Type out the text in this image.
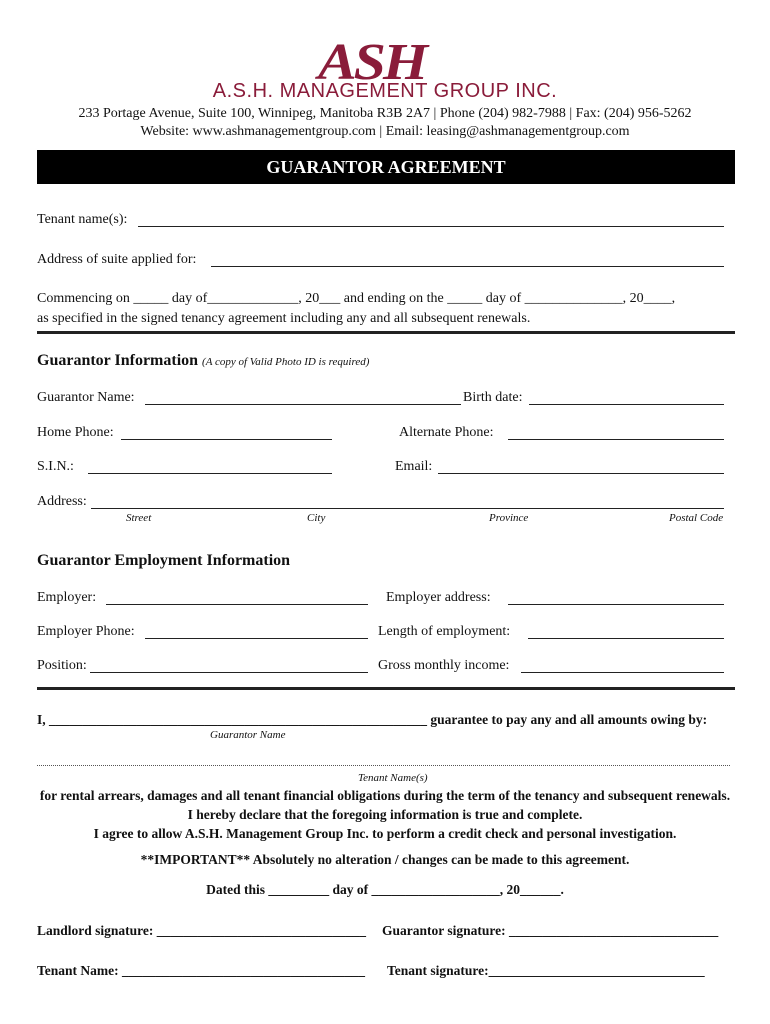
ASH
A.S.H. MANAGEMENT GROUP INC.
233 Portage Avenue, Suite 100, Winnipeg, Manitoba R3B 2A7 | Phone (204) 982-7988 | Fax: (204) 956-5262
Website: www.ashmanagementgroup.com | Email: leasing@ashmanagementgroup.com
GUARANTOR AGREEMENT
Tenant name(s):
Address of suite applied for:
Commencing on _____ day of_____________, 20___ and ending on the _____ day of ______________, 20____,
as specified in the signed tenancy agreement including any and all subsequent renewals.
Guarantor Information (A copy of Valid Photo ID is required)
Guarantor Name:	Birth date:
Home Phone:	Alternate Phone:
S.I.N.:	Email:
Address:
Street	City	Province	Postal Code
Guarantor Employment Information
Employer:	Employer address:
Employer Phone:	Length of employment:
Position:	Gross monthly income:
I, ________________________________________________________ guarantee to pay any and all amounts owing by:
Guarantor Name
Tenant Name(s)
for rental arrears, damages and all tenant financial obligations during the term of the tenancy and subsequent renewals.
I hereby declare that the foregoing information is true and complete.
I agree to allow A.S.H. Management Group Inc. to perform a credit check and personal investigation.
**IMPORTANT** Absolutely no alteration / changes can be made to this agreement.
Dated this _________ day of ___________________, 20______.
Landlord signature: _______________________________ Guarantor signature: _______________________________
Tenant Name: ____________________________________ Tenant signature:________________________________
